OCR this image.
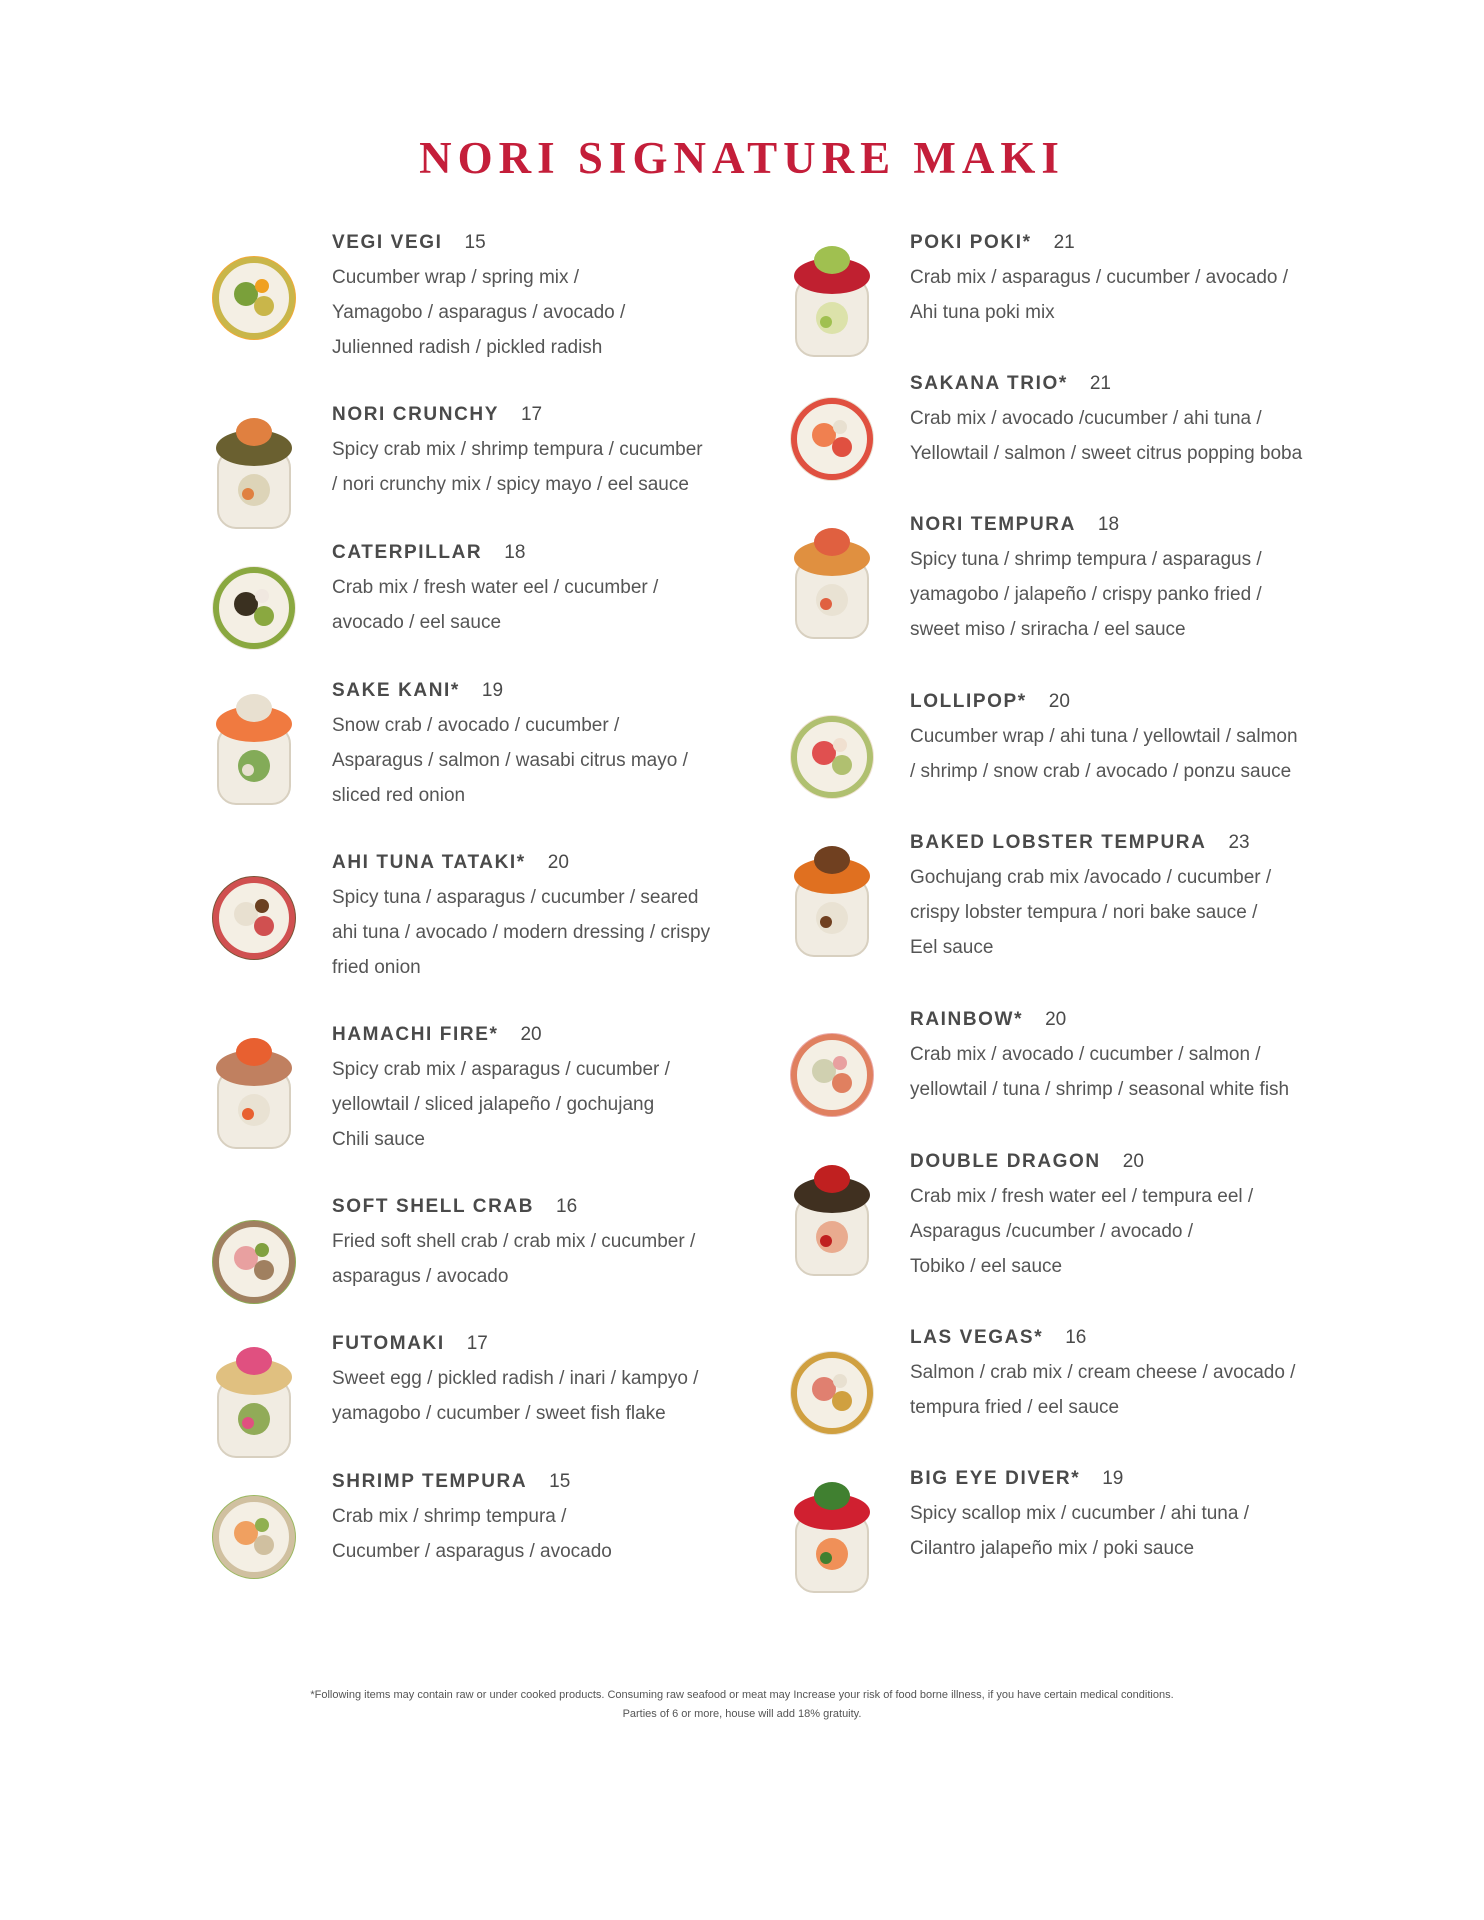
NORI SIGNATURE MAKI

VEGI VEGI 15

Cucumber wrap / spring mix /

Yamagobo / asparagus / avocado /

Julienned radish / pickled radish

NORI CRUNCHY 17

Spicy crab mix / shrimp tempura / cucumber

/ nori crunchy mix / spicy mayo / eel sauce

CATERPILLAR 18

Crab mix / fresh water eel / cucumber /

avocado / eel sauce

SAKE KANI* 19

Snow crab / avocado / cucumber /

Asparagus / salmon / wasabi citrus mayo /

sliced red onion

AHI TUNA TATAKI* 20

Spicy tuna / asparagus / cucumber / seared

ahi tuna / avocado / modern dressing / crispy

fried onion

HAMACHI FIRE* 20

Spicy crab mix / asparagus / cucumber /

yellowtail / sliced jalapeño / gochujang

Chili sauce

SOFT SHELL CRAB 16

Fried soft shell crab / crab mix / cucumber /

asparagus / avocado

FUTOMAKI 17

Sweet egg / pickled radish / inari / kampyo /

yamagobo / cucumber / sweet fish flake

SHRIMP TEMPURA 15

Crab mix / shrimp tempura /

Cucumber / asparagus / avocado

POKI POKI* 21

Crab mix / asparagus / cucumber / avocado /

Ahi tuna poki mix

SAKANA TRIO* 21

Crab mix / avocado /cucumber / ahi tuna /

Yellowtail / salmon / sweet citrus popping boba

NORI TEMPURA 18

Spicy tuna / shrimp tempura / asparagus /

yamagobo / jalapeño / crispy panko fried /

sweet miso / sriracha / eel sauce

LOLLIPOP* 20

Cucumber wrap / ahi tuna / yellowtail / salmon

/ shrimp / snow crab / avocado / ponzu sauce

BAKED LOBSTER TEMPURA 23

Gochujang crab mix /avocado / cucumber /

crispy lobster tempura / nori bake sauce /

Eel sauce

RAINBOW* 20

Crab mix / avocado / cucumber / salmon /

yellowtail / tuna / shrimp / seasonal white fish

DOUBLE DRAGON 20

Crab mix / fresh water eel / tempura eel /

Asparagus /cucumber / avocado /

Tobiko / eel sauce

LAS VEGAS* 16

Salmon / crab mix / cream cheese / avocado /

tempura fried / eel sauce

BIG EYE DIVER* 19

Spicy scallop mix / cucumber / ahi tuna /

Cilantro jalapeño mix / poki sauce

*Following items may contain raw or under cooked products. Consuming raw seafood or meat may Increase your risk of food borne illness, if you have certain medical conditions.

Parties of 6 or more, house will add 18% gratuity.
